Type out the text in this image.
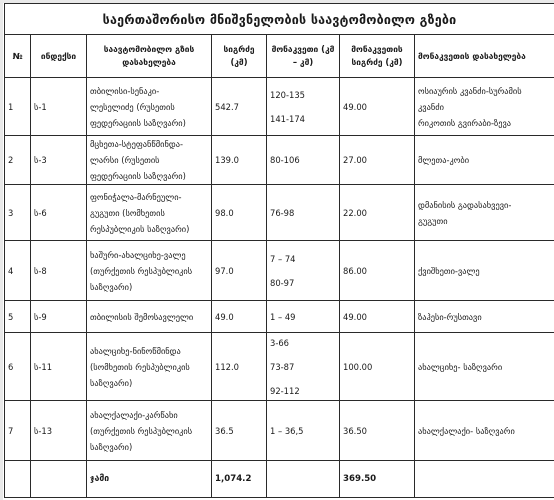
საერთაშორისო მნიშვნელობის საავტომობილო გზები						
№	ინდექსი	საავტომობილო გზის დასახელება	სიგრძე (კმ)	მონაკვეთი (კმ – კმ)	მონაკვეთის სიგრძე (კმ)	მონაკვეთის დასახელება
1	ს-1	თბილისი-სენაკი-
ლესელიძე (რუსეთის
ფედერაციის საზღვარი)	542.7	120-135
141-174	49.00	ოსიაურის კვანძი-სურამის
კვანძი
რიკოთის გვირაბი-ზევა

2	ს-3	მცხეთა-სტეფანწმინდა-
ლარსი (რუსეთის
ფედერაციის საზღვარი)	139.0	80-106	27.00	მლეთა-კობი

3	ს-6	ფონიჭალა-მარნეული-
გუგუთი (სომხეთის
რესპუბლიკის საზღვარი)	98.0	76-98	22.00	დმანისის გადასახვევი-
გუგუთი

4	ს-8	ხაშური-ახალციხე-ვალე
(თურქეთის რესპუბლიკის
საზღვარი)	97.0	7 – 74
80-97	86.00	ქვიშხეთი-ვალე

5	ს-9	თბილისის შემოსავლელი	49.0	1 – 49	49.00	ზაჰესი-რუსთავი

6	ს-11	ახალციხე-ნინოწმინდა
(სომხეთის რესპუბლიკის
საზღვარი)	112.0	3-66
73-87
92-112	100.00	ახალციხე- საზღვარი

7	ს-13	ახალქალაქი-კარწახი
(თურქეთის რესპუბლიკის
საზღვარი)	36.5	1 – 36,5	36.50	ახალქალაქი- საზღვარი

		ჯამი	1,074.2		369.50	
